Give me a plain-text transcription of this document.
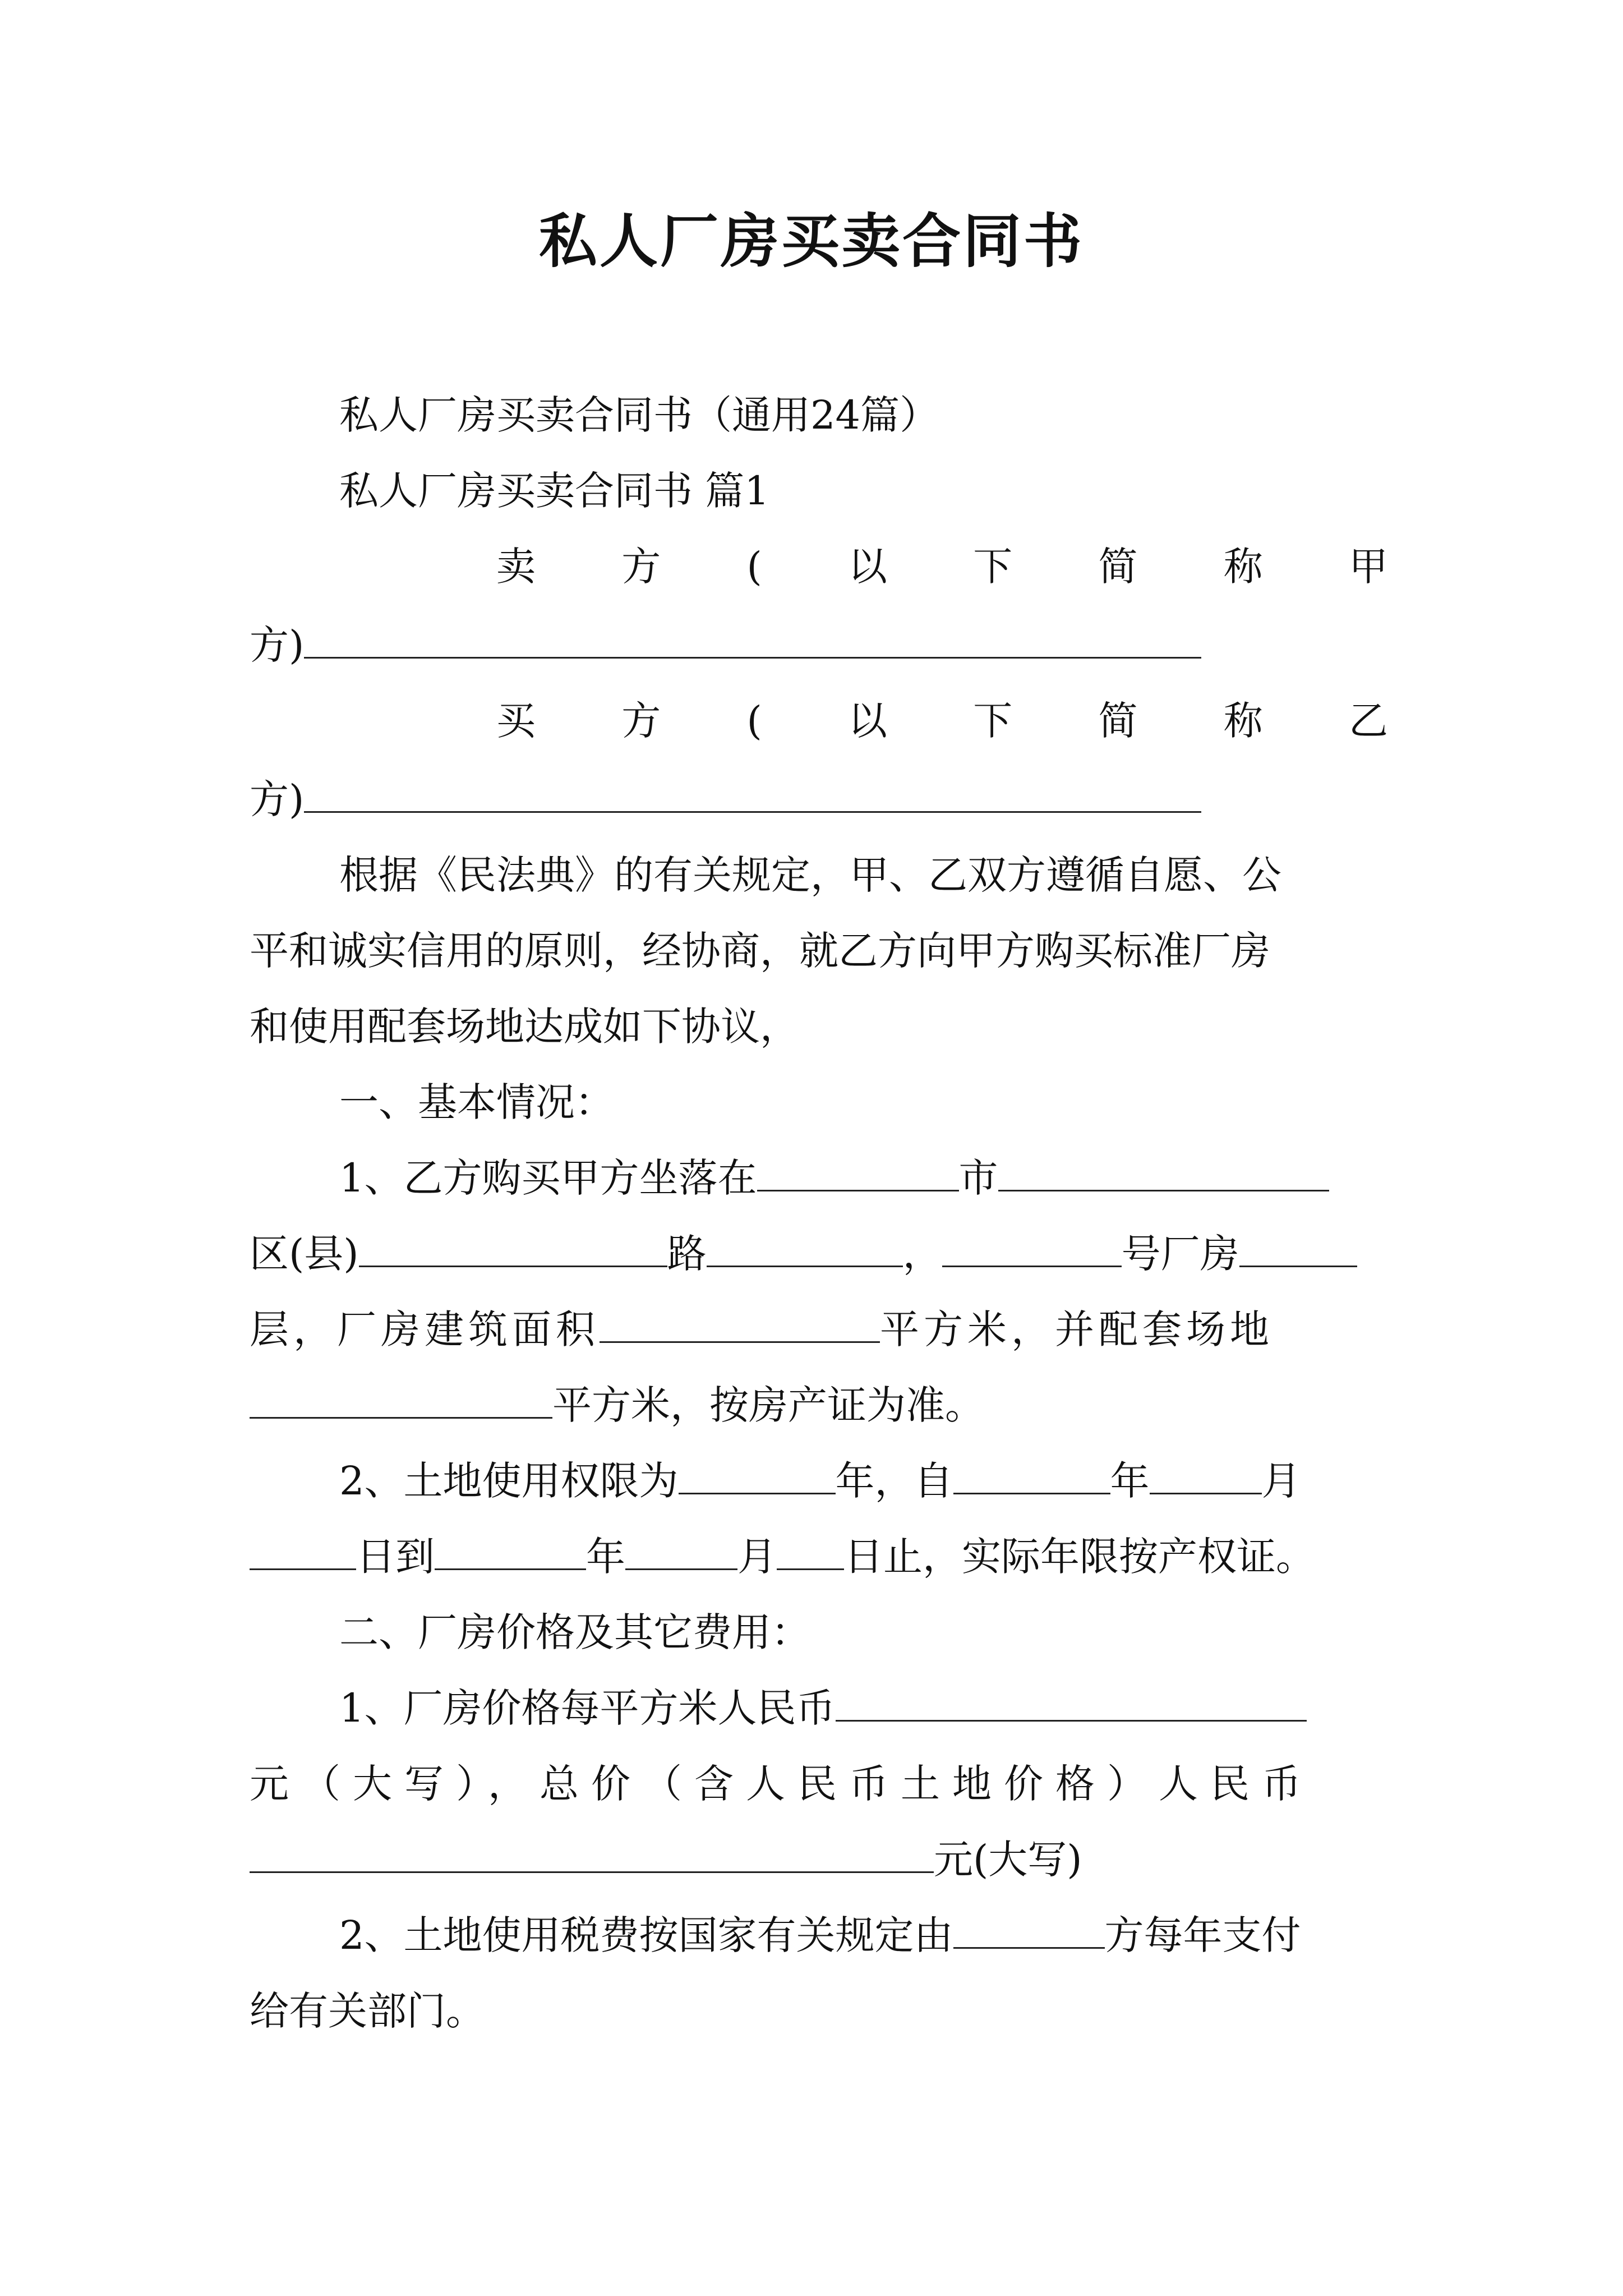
私人厂房买卖合同书
私人厂房买卖合同书（通用24篇）
私人厂房买卖合同书 篇1
卖 方 ( 以 下 简 称 甲
方)
买 方 ( 以 下 简 称 乙
方)
根据《民法典》的有关规定，甲、乙双方遵循自愿、公
平和诚实信用的原则，经协商，就乙方向甲方购买标准厂房
和使用配套场地达成如下协议，
一、基本情况：
1、乙方购买甲方坐落在	市
区(县)	路	，	号厂房
层，厂房建筑面积	平方米，并配套场地
平方米，按房产证为准。
2、土地使用权限为	年，自	年	月
日到	年	月 日止，实际年限按产权证。
二、厂房价格及其它费用：
1、厂房价格每平方米人民币
元（大写），总价（含人民币土地价格）人民币
元(大写)
2、土地使用税费按国家有关规定由	方每年支付
给有关部门。
